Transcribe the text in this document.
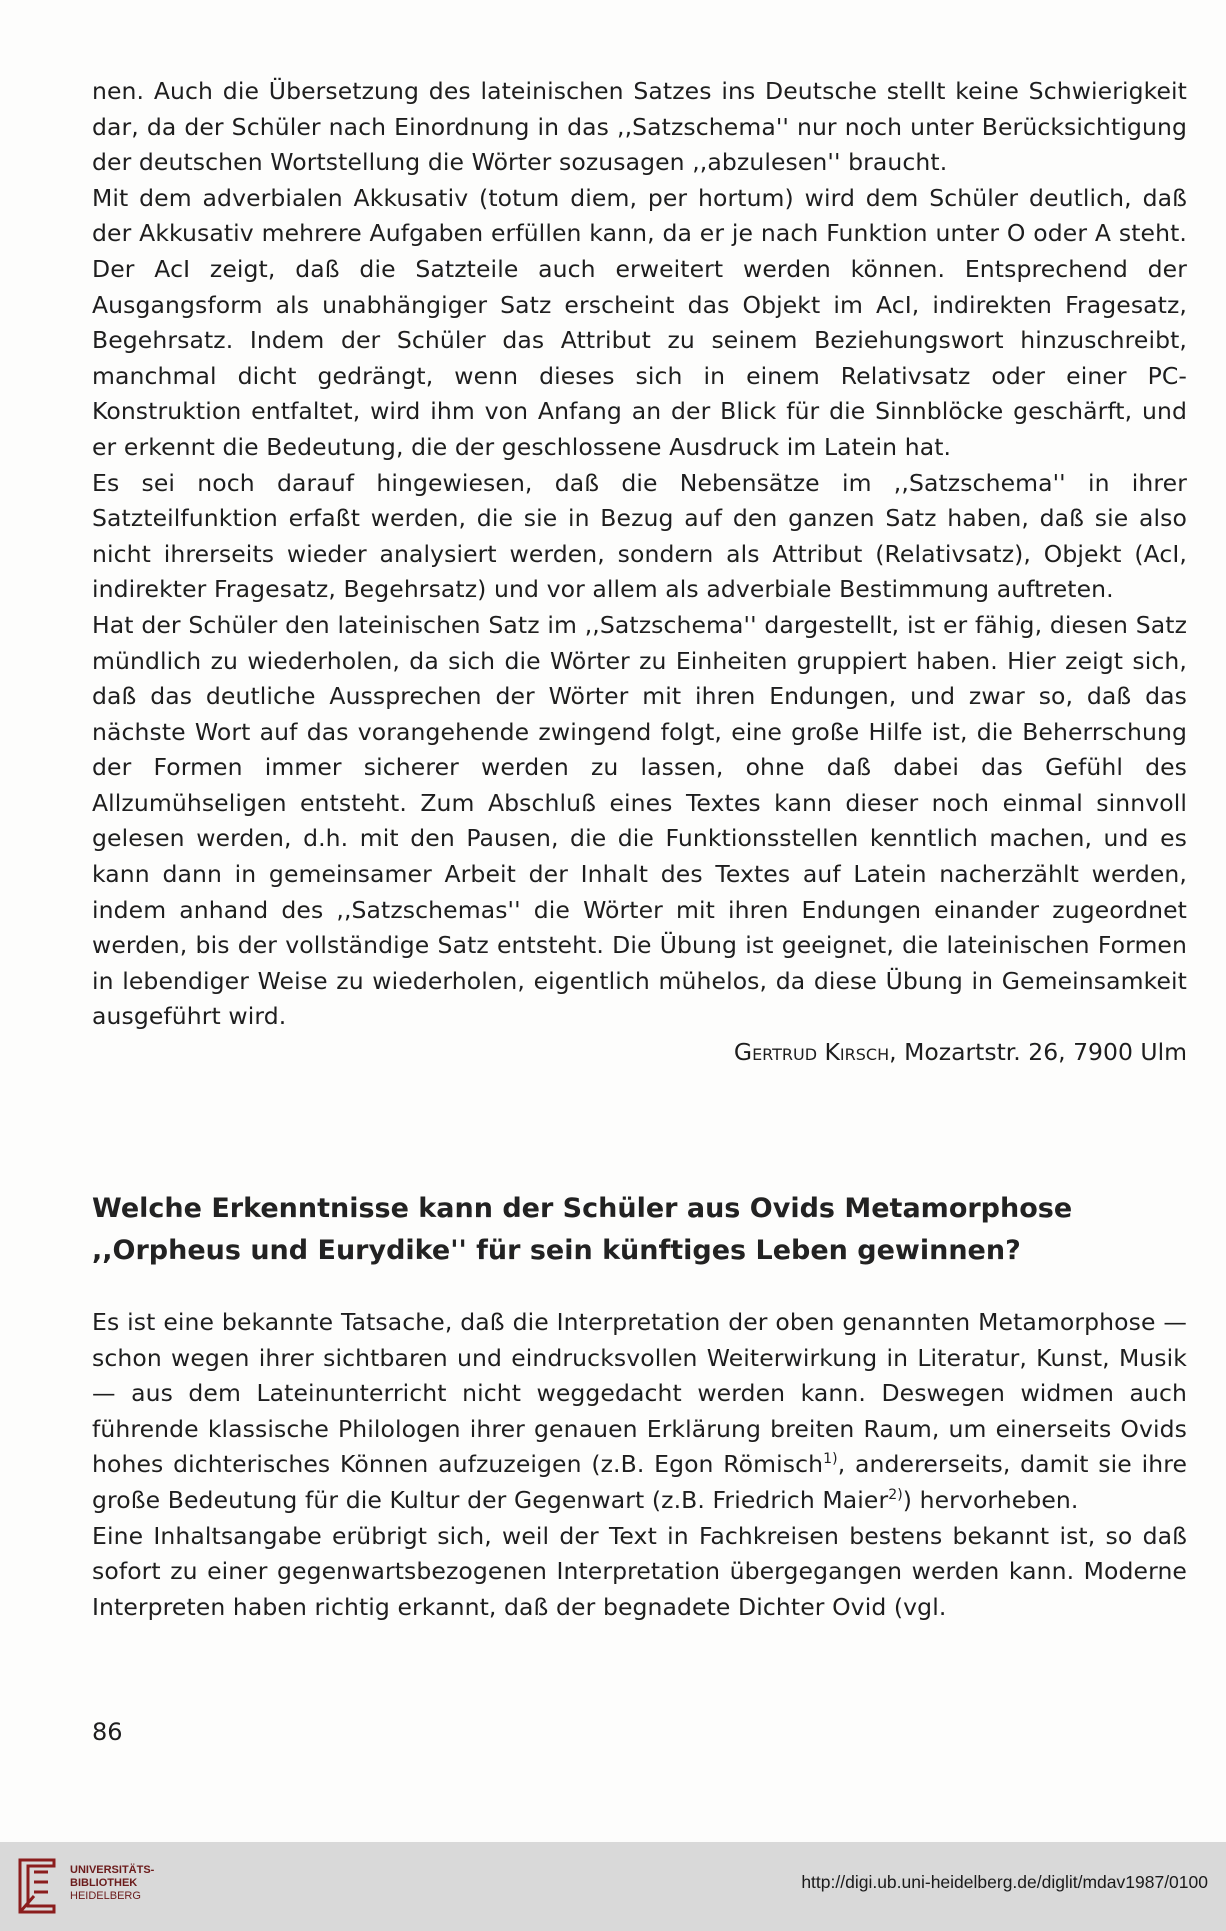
nen. Auch die Übersetzung des lateinischen Satzes ins Deutsche stellt keine Schwierigkeit dar, da der Schüler nach Einordnung in das ,,Satzschema'' nur noch unter Berücksichtigung der deutschen Wortstellung die Wörter sozusagen ,,abzulesen'' braucht.

Mit dem adverbialen Akkusativ (totum diem, per hortum) wird dem Schüler deutlich, daß der Akkusativ mehrere Aufgaben erfüllen kann, da er je nach Funktion unter O oder A steht. Der AcI zeigt, daß die Satzteile auch erweitert werden können. Entsprechend der Ausgangsform als unabhängiger Satz erscheint das Objekt im AcI, indirekten Fragesatz, Begehrsatz. Indem der Schüler das Attribut zu seinem Beziehungswort hinzuschreibt, manchmal dicht gedrängt, wenn dieses sich in einem Relativsatz oder einer PC-Konstruktion entfaltet, wird ihm von Anfang an der Blick für die Sinnblöcke geschärft, und er erkennt die Bedeutung, die der geschlossene Ausdruck im Latein hat.

Es sei noch darauf hingewiesen, daß die Nebensätze im ,,Satzschema'' in ihrer Satzteilfunktion erfaßt werden, die sie in Bezug auf den ganzen Satz haben, daß sie also nicht ihrerseits wieder analysiert werden, sondern als Attribut (Relativsatz), Objekt (AcI, indirekter Fragesatz, Begehrsatz) und vor allem als adverbiale Bestimmung auftreten.

Hat der Schüler den lateinischen Satz im ,,Satzschema'' dargestellt, ist er fähig, diesen Satz mündlich zu wiederholen, da sich die Wörter zu Einheiten gruppiert haben. Hier zeigt sich, daß das deutliche Aussprechen der Wörter mit ihren Endungen, und zwar so, daß das nächste Wort auf das vorangehende zwingend folgt, eine große Hilfe ist, die Beherrschung der Formen immer sicherer werden zu lassen, ohne daß dabei das Gefühl des Allzumühseligen entsteht. Zum Abschluß eines Textes kann dieser noch einmal sinnvoll gelesen werden, d.h. mit den Pausen, die die Funktionsstellen kenntlich machen, und es kann dann in gemeinsamer Arbeit der Inhalt des Textes auf Latein nacherzählt werden, indem anhand des ,,Satzschemas'' die Wörter mit ihren Endungen einander zugeordnet werden, bis der vollständige Satz entsteht. Die Übung ist geeignet, die lateinischen Formen in lebendiger Weise zu wiederholen, eigentlich mühelos, da diese Übung in Gemeinsamkeit ausgeführt wird.

Gertrud Kirsch, Mozartstr. 26, 7900 Ulm

Welche Erkenntnisse kann der Schüler aus Ovids Metamorphose
,,Orpheus und Eurydike'' für sein künftiges Leben gewinnen?

Es ist eine bekannte Tatsache, daß die Interpretation der oben genannten Metamorphose — schon wegen ihrer sichtbaren und eindrucksvollen Weiterwirkung in Literatur, Kunst, Musik — aus dem Lateinunterricht nicht weggedacht werden kann. Deswegen widmen auch führende klassische Philologen ihrer genauen Erklärung breiten Raum, um einerseits Ovids hohes dichterisches Können aufzuzeigen (z.B. Egon Römisch$^{1)}$, andererseits, damit sie ihre große Bedeutung für die Kultur der Gegenwart (z.B. Friedrich Maier$^{2)}$) hervorheben.

Eine Inhaltsangabe erübrigt sich, weil der Text in Fachkreisen bestens bekannt ist, so daß sofort zu einer gegenwartsbezogenen Interpretation übergegangen werden kann. Moderne Interpreten haben richtig erkannt, daß der begnadete Dichter Ovid (vgl.

86
UNIVERSITÄTS-
BIBLIOTHEK
HEIDELBERG
http://digi.ub.uni-heidelberg.de/diglit/mdav1987/0100
